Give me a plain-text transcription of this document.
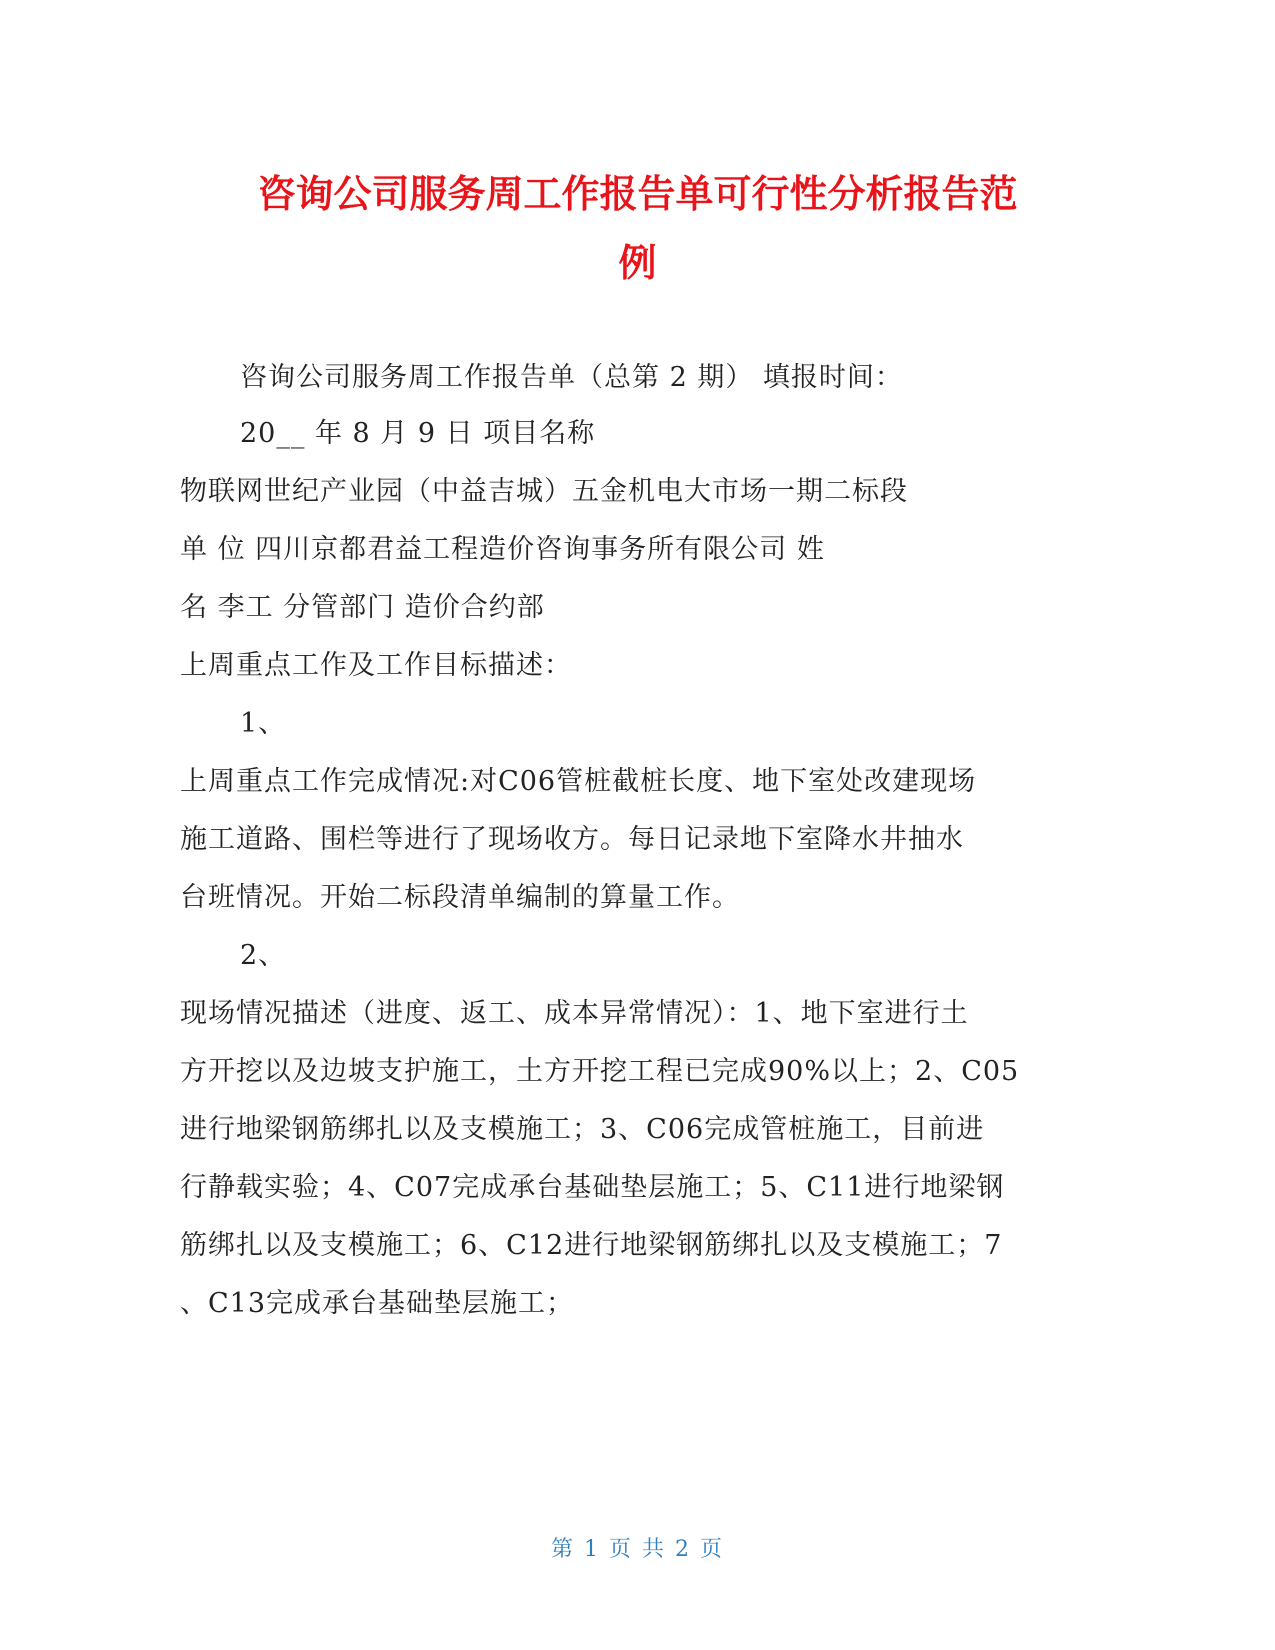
咨询公司服务周工作报告单可行性分析报告范
例

咨询公司服务周工作报告单（总第 2 期） 填报时间：

20__ 年 8 月 9 日 项目名称

物联网世纪产业园（中益吉城）五金机电大市场一期二标段

单 位 四川京都君益工程造价咨询事务所有限公司 姓

名 李工 分管部门 造价合约部

上周重点工作及工作目标描述：

1、

上周重点工作完成情况:对C06管桩截桩长度、地下室处改建现场

施工道路、围栏等进行了现场收方。每日记录地下室降水井抽水

台班情况。开始二标段清单编制的算量工作。

2、

现场情况描述（进度、返工、成本异常情况）：1、地下室进行土

方开挖以及边坡支护施工，土方开挖工程已完成90%以上；2、C05

进行地梁钢筋绑扎以及支模施工；3、C06完成管桩施工，目前进

行静载实验；4、C07完成承台基础垫层施工；5、C11进行地梁钢

筋绑扎以及支模施工；6、C12进行地梁钢筋绑扎以及支模施工；7

、C13完成承台基础垫层施工；

第 1 页 共 2 页
